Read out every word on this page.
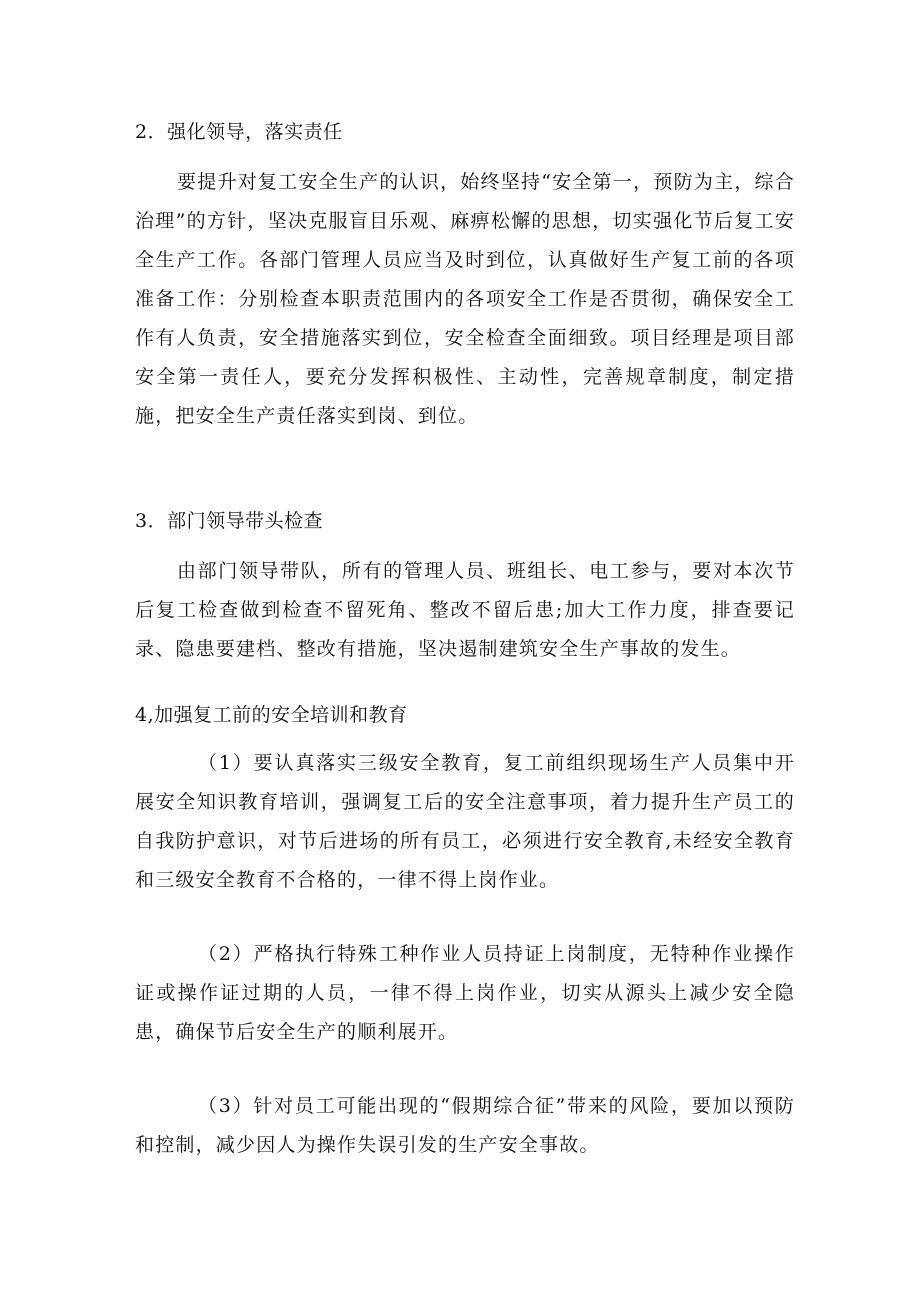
2．强化领导，落实责任

要提升对复工安全生产的认识，始终坚持“安全第一，预防为主，综合治理”的方针，坚决克服盲目乐观、麻痹松懈的思想，切实强化节后复工安全生产工作。各部门管理人员应当及时到位，认真做好生产复工前的各项准备工作：分别检查本职责范围内的各项安全工作是否贯彻，确保安全工作有人负责，安全措施落实到位，安全检查全面细致。项目经理是项目部安全第一责任人，要充分发挥积极性、主动性，完善规章制度，制定措施，把安全生产责任落实到岗、到位。

3．部门领导带头检查

由部门领导带队，所有的管理人员、班组长、电工参与，要对本次节后复工检查做到检查不留死角、整改不留后患;加大工作力度，排查要记录、隐患要建档、整改有措施，坚决遏制建筑安全生产事故的发生。

4,加强复工前的安全培训和教育

（1）要认真落实三级安全教育，复工前组织现场生产人员集中开展安全知识教育培训，强调复工后的安全注意事项，着力提升生产员工的自我防护意识，对节后进场的所有员工，必须进行安全教育,未经安全教育和三级安全教育不合格的，一律不得上岗作业。

（2）严格执行特殊工种作业人员持证上岗制度，无特种作业操作证或操作证过期的人员，一律不得上岗作业，切实从源头上减少安全隐患，确保节后安全生产的顺利展开。

（3）针对员工可能出现的“假期综合征”带来的风险，要加以预防和控制，减少因人为操作失误引发的生产安全事故。
